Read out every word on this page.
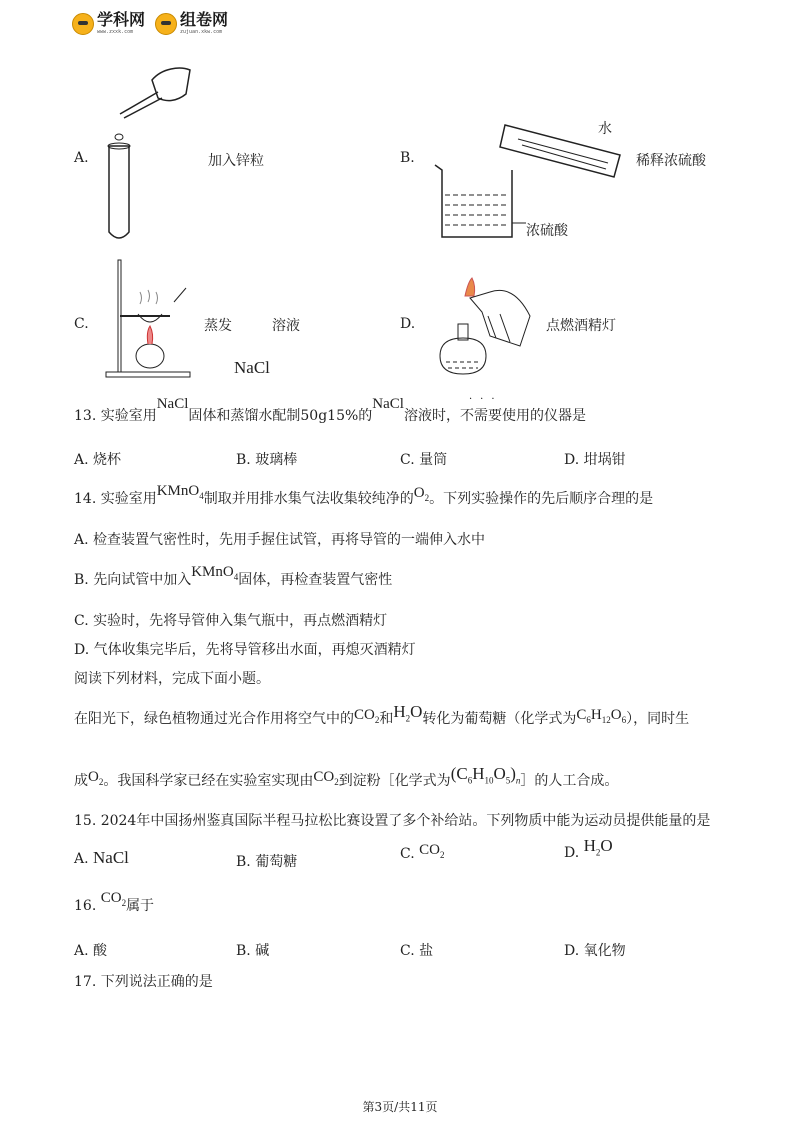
学科网
www.zxxk.com
组卷网
zujuan.xkw.com
A.	加入锌粒	B.
水
稀释浓硫酸
浓硫酸
C.	蒸发	溶液
NaCl
D.	点燃酒精灯
13. 实验室用NaCl固体和蒸馏水配制50g15%的NaCl溶液时，不需要使用的仪器是
···
A. 烧杯	B. 玻璃棒	C. 量筒	D. 坩埚钳
14. 实验室用KMnO$_4$制取并用排水集气法收集较纯净的$O_2$。下列实验操作的先后顺序合理的是
A. 检查装置气密性时，先用手握住试管，再将导管的一端伸入水中
B. 先向试管中加入KMnO$_4$固体，再检查装置气密性
C. 实验时，先将导管伸入集气瓶中，再点燃酒精灯
D. 气体收集完毕后，先将导管移出水面，再熄灭酒精灯
阅读下列材料，完成下面小题。
在阳光下，绿色植物通过光合作用将空气中的$CO_2$和$H_2O$转化为葡萄糖（化学式为$C_6H_{12}O_6$），同时生
成$O_2$。我国科学家已经在实验室实现由$CO_2$到淀粉［化学式为$(C_6H_{10}O_5)_n]$的人工合成。
15. 2024年中国扬州鉴真国际半程马拉松比赛设置了多个补给站。下列物质中能为运动员提供能量的是
A. NaCl	B. 葡萄糖	C. $CO_2$	D. $H_2O$
16. $CO_2$属于
A. 酸	B. 碱	C. 盐	D. 氧化物
17. 下列说法正确的是
第3页/共11页
